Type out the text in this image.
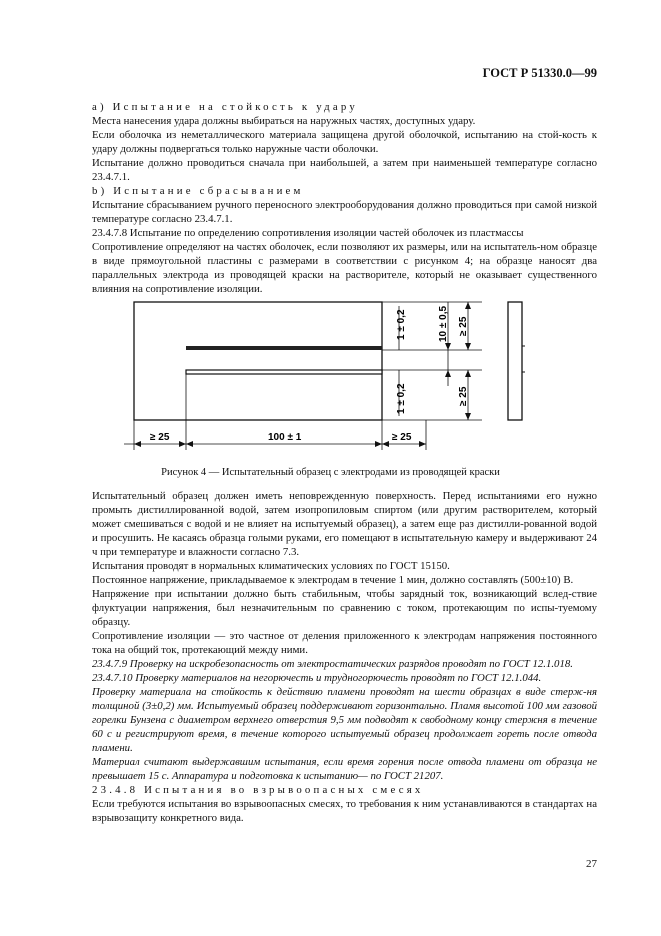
ГОСТ Р 51330.0—99

а) Испытание на стойкость к удару

Места нанесения удара должны выбираться на наружных частях, доступных удару.

Если оболочка из неметаллического материала защищена другой оболочкой, испытанию на стой-кость к удару должны подвергаться только наружные части оболочки.

Испытание должно проводиться сначала при наибольшей, а затем при наименьшей температуре согласно 23.4.7.1.

b) Испытание сбрасыванием

Испытание сбрасыванием ручного переносного электрооборудования должно проводиться при самой низкой температуре согласно 23.4.7.1.

23.4.7.8 Испытание по определению сопротивления изоляции частей оболочек из пластмассы

Сопротивление определяют на частях оболочек, если позволяют их размеры, или на испытатель-ном образце в виде прямоугольной пластины с размерами в соответствии с рисунком 4; на образце наносят два параллельных электрода из проводящей краски на растворителе, который не оказывает существенного влияния на сопротивление изоляции.

1 ± 0,2
1 ± 0,2
10 ± 0,5 ≥ 25
≥ 25
≥ 25	100 ± 1	≥ 25
Рисунок 4 — Испытательный образец с электродами из проводящей краски

Испытательный образец должен иметь неповрежденную поверхность. Перед испытаниями его нужно промыть дистиллированной водой, затем изопропиловым спиртом (или другим растворителем, который может смешиваться с водой и не влияет на испытуемый образец), а затем еще раз дистилли-рованной водой и просушить. Не касаясь образца голыми руками, его помещают в испытательную камеру и выдерживают 24 ч при температуре и влажности согласно 7.3.

Испытания проводят в нормальных климатических условиях по ГОСТ 15150.

Постоянное напряжение, прикладываемое к электродам в течение 1 мин, должно составлять (500±10) В.

Напряжение при испытании должно быть стабильным, чтобы зарядный ток, возникающий вслед-ствие флуктуации напряжения, был незначительным по сравнению с током, протекающим по испы-туемому образцу.

Сопротивление изоляции — это частное от деления приложенного к электродам напряжения постоянного тока на общий ток, протекающий между ними.

23.4.7.9 Проверку на искробезопасность от электростатических разрядов проводят по ГОСТ 12.1.018.

23.4.7.10 Проверку материалов на негорючесть и трудногорючесть проводят по ГОСТ 12.1.044.

Проверку материала на стойкость к действию пламени проводят на шести образцах в виде стерж-ня толщиной (3±0,2) мм. Испытуемый образец поддерживают горизонтально. Пламя высотой 100 мм газовой горелки Бунзена с диаметром верхнего отверстия 9,5 мм подводят к свободному концу стержня в течение 60 с и регистрируют время, в течение которого испытуемый образец продолжает гореть после отвода пламени.

Материал считают выдержавшим испытания, если время горения после отвода пламени от образца не превышает 15 с. Аппаратура и подготовка к испытанию— по ГОСТ 21207.

23.4.8 Испытания во взрывоопасных смесях

Если требуются испытания во взрывоопасных смесях, то требования к ним устанавливаются в стандартах на взрывозащиту конкретного вида.

27
